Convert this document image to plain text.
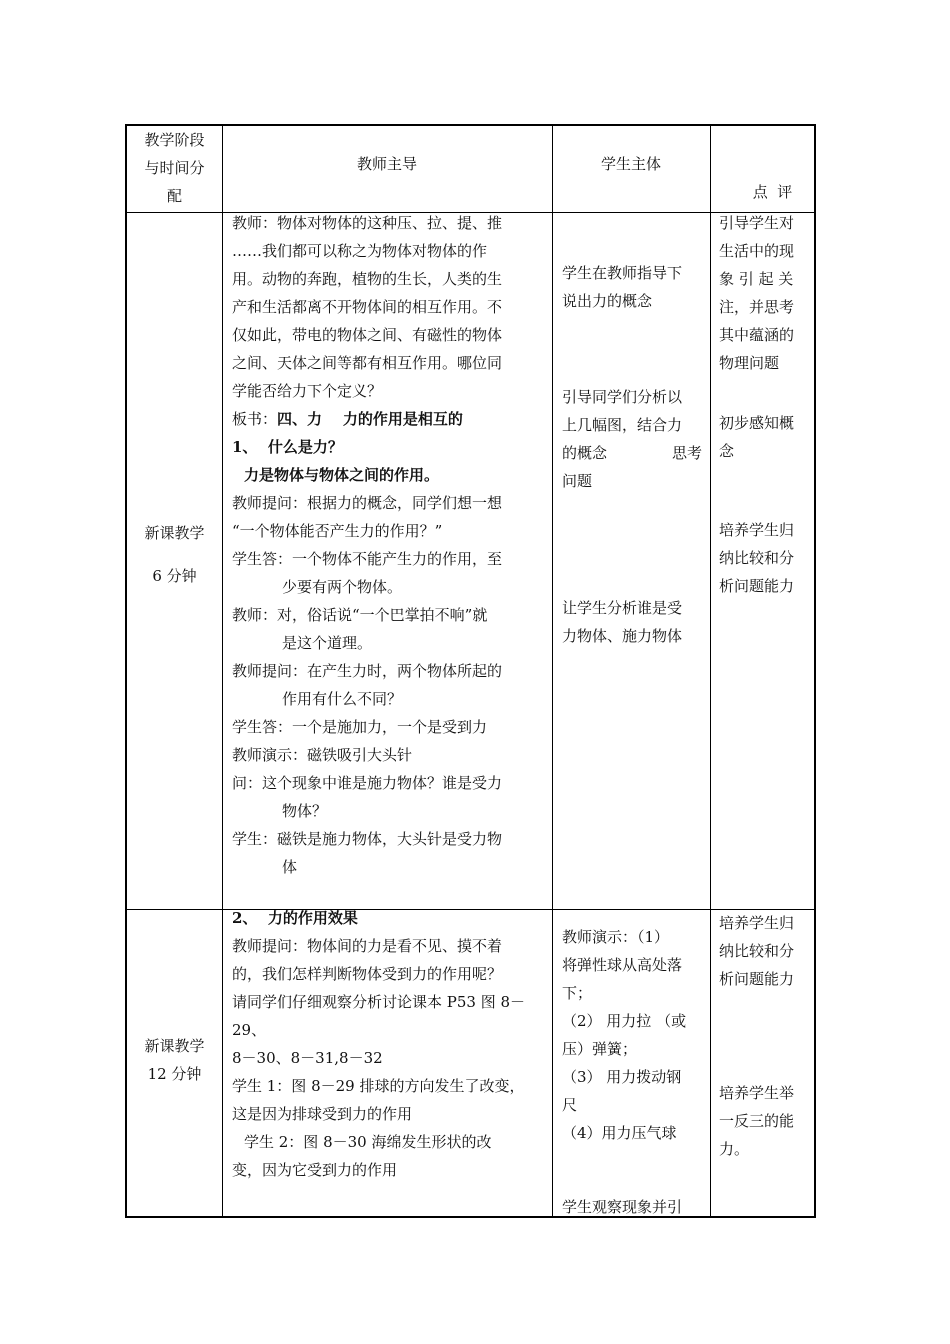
教学阶段
与时间分
配
教师主导	学生主体

点  评

新课教学
6 分钟
教师：物体对物体的这种压、拉、提、推
……我们都可以称之为物体对物体的作
用。动物的奔跑，植物的生长，人类的生
产和生活都离不开物体间的相互作用。不
仅如此，带电的物体之间、有磁性的物体
之间、天体之间等都有相互作用。哪位同
学能否给力下个定义？
板书：四、力    力的作用是相互的
1、  什么是力？
力是物体与物体之间的作用。
教师提问：根据力的概念，同学们想一想
“一个物体能否产生力的作用？”
学生答：一个物体不能产生力的作用，至
少要有两个物体。
教师：对，俗话说“一个巴掌拍不响”就
是这个道理。
教师提问：在产生力时，两个物体所起的
作用有什么不同？
学生答：一个是施加力，一个是受到力
教师演示：磁铁吸引大头针
问：这个现象中谁是施力物体？谁是受力
物体？
学生：磁铁是施力物体，大头针是受力物
体
学生在教师指导下
说出力的概念
引导同学们分析以
上几幅图，结合力
的概念	思考
问题
让学生分析谁是受
力物体、施力物体
引导学生对
生活中的现
象 引 起 关
注，并思考
其中蕴涵的
物理问题
初步感知概
念
培养学生归
纳比较和分
析问题能力
新课教学
12 分钟
2、  力的作用效果
教师提问：物体间的力是看不见、摸不着
的，我们怎样判断物体受到力的作用呢？
请同学们仔细观察分析讨论课本 P53 图 8－
29、
8－30、8－31,8－32
学生 1：图 8－29 排球的方向发生了改变，
这是因为排球受到力的作用
学生 2：图 8－30 海绵发生形状的改
变，因为它受到力的作用
教师演示：（1）
将弹性球从高处落
下；
（2） 用力拉 （或
压）弹簧；
（3） 用力拨动钢
尺
（4）用力压气球
学生观察现象并引
培养学生归
纳比较和分
析问题能力
培养学生举
一反三的能
力。
